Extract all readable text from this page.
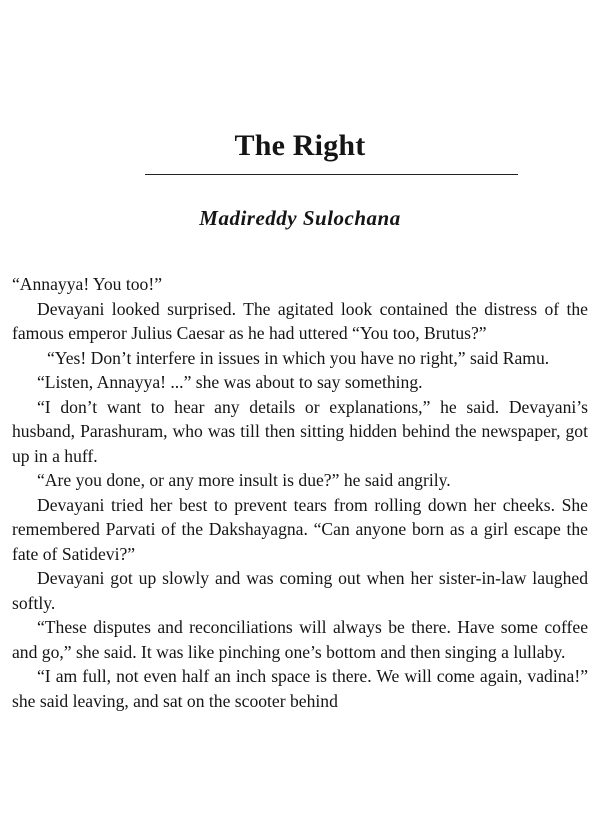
The Right
Madireddy Sulochana

“Annayya! You too!”

Devayani looked surprised. The agitated look contained the distress of the famous emperor Julius Caesar as he had uttered “You too, Brutus?”

“Yes! Don’t interfere in issues in which you have no right,” said Ramu.

“Listen, Annayya! ...” she was about to say something.

“I don’t want to hear any details or explanations,” he said. Devayani’s husband, Parashuram, who was till then sitting hidden behind the newspaper, got up in a huff.

“Are you done, or any more insult is due?” he said angrily.

Devayani tried her best to prevent tears from rolling down her cheeks. She remembered Parvati of the Dakshayagna. “Can anyone born as a girl escape the fate of Satidevi?”

Devayani got up slowly and was coming out when her sister-in-law laughed softly.

“These disputes and reconciliations will always be there. Have some coffee and go,” she said. It was like pinching one’s bottom and then singing a lullaby.

“I am full, not even half an inch space is there. We will come again, vadina!” she said leaving, and sat on the scooter behind
